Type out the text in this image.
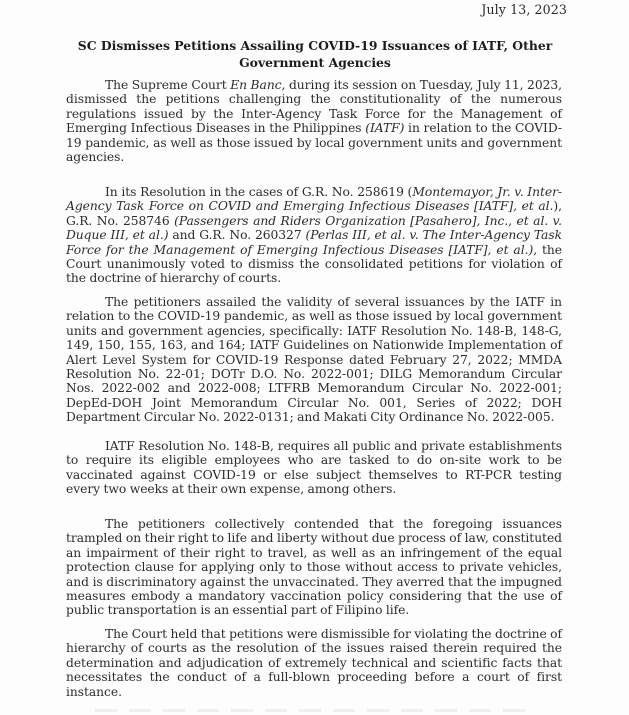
July 13, 2023
SC Dismisses Petitions Assailing COVID-19 Issuances of IATF, Other Government Agencies

The Supreme Court En Banc, during its session on Tuesday, July 11, 2023, dismissed the petitions challenging the constitutionality of the numerous regulations issued by the Inter-Agency Task Force for the Management of Emerging Infectious Diseases in the Philippines (IATF) in relation to the COVID-19 pandemic, as well as those issued by local government units and government agencies.

In its Resolution in the cases of G.R. No. 258619 (Montemayor, Jr. v. Inter-Agency Task Force on COVID and Emerging Infectious Diseases [IATF], et al.), G.R. No. 258746 (Passengers and Riders Organization [Pasahero], Inc., et al. v. Duque III, et al.) and G.R. No. 260327 (Perlas III, et al. v. The Inter-Agency Task Force for the Management of Emerging Infectious Diseases [IATF], et al.), the Court unanimously voted to dismiss the consolidated petitions for violation of the doctrine of hierarchy of courts.

The petitioners assailed the validity of several issuances by the IATF in relation to the COVID-19 pandemic, as well as those issued by local government units and government agencies, specifically: IATF Resolution No. 148-B, 148-G, 149, 150, 155, 163, and 164; IATF Guidelines on Nationwide Implementation of Alert Level System for COVID-19 Response dated February 27, 2022; MMDA Resolution No. 22-01; DOTr D.O. No. 2022-001; DILG Memorandum Circular Nos. 2022-002 and 2022-008; LTFRB Memorandum Circular No. 2022-001; DepEd-DOH Joint Memorandum Circular No. 001, Series of 2022; DOH Department Circular No. 2022-0131; and Makati City Ordinance No. 2022-005.

IATF Resolution No. 148-B, requires all public and private establishments to require its eligible employees who are tasked to do on-site work to be vaccinated against COVID-19 or else subject themselves to RT-PCR testing every two weeks at their own expense, among others.

The petitioners collectively contended that the foregoing issuances trampled on their right to life and liberty without due process of law, constituted an impairment of their right to travel, as well as an infringement of the equal protection clause for applying only to those without access to private vehicles, and is discriminatory against the unvaccinated. They averred that the impugned measures embody a mandatory vaccination policy considering that the use of public transportation is an essential part of Filipino life.

The Court held that petitions were dismissible for violating the doctrine of hierarchy of courts as the resolution of the issues raised therein required the determination and adjudication of extremely technical and scientific facts that necessitates the conduct of a full-blown proceeding before a court of first instance.
